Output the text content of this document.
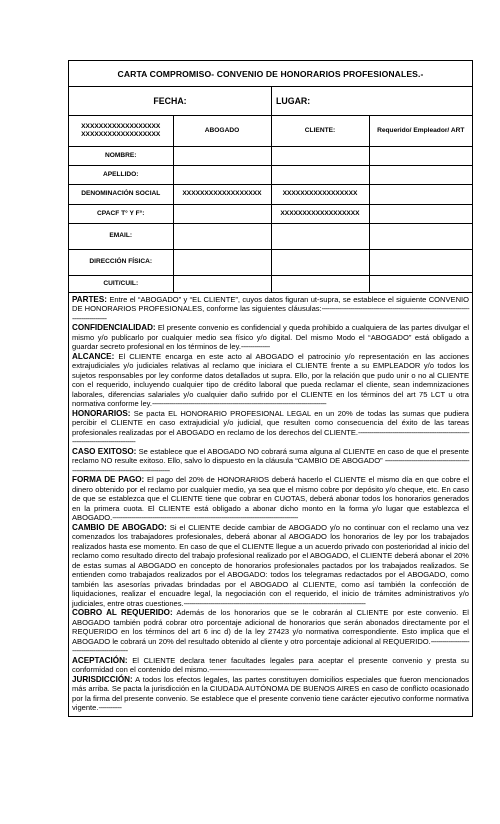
CARTA COMPROMISO- CONVENIO DE HONORARIOS PROFESIONALES.-
FECHA:	LUGAR:
XXXXXXXXXXXXXXXXXX XXXXXXXXXXXXXXXXXX	ABOGADO	CLIENTE:	Requerido/ Empleador/ ART
NOMBRE:			
APELLIDO:			
DENOMINACIÓN SOCIAL	XXXXXXXXXXXXXXXXXX	XXXXXXXXXXXXXXXXX	
CPACF T° Y F°:		XXXXXXXXXXXXXXXXXX	
EMAIL:			
DIRECCIÓN FÍSICA:			
CUIT/CUIL:			

PARTES: Entre el “ABOGADO” y “EL CLIENTE”, cuyos datos figuran ut-supra, se establece el siguiente CONVENIO DE HONORARIOS PROFESIONALES, conforme las siguientes cláusulas:-----------------------------------------------------------------------------------------------

CONFIDENCIALIDAD: El presente convenio es confidencial y queda prohibido a cualquiera de las partes divulgar el mismo y/o publicarlo por cualquier medio sea físico y/o digital. Del mismo Modo el “ABOGADO” está obligado a guardar secreto profesional en los términos de ley.---------------

ALCANCE: El CLIENTE encarga en este acto al ABOGADO el patrocinio y/o representación en las acciones extrajudiciales y/o judiciales relativas al reclamo que iniciara el CLIENTE frente a su EMPLEADOR y/o todos los sujetos responsables por ley conforme datos detallados ut supra. Ello, por la relación que pudo unir o no al CLIENTE con el requerido, incluyendo cualquier tipo de crédito laboral que pueda reclamar el cliente, sean indemnizaciones laborales, diferencias salariales y/o cualquier daño sufrido por el CLIENTE en los términos del art 75 LCT u otra normativa conforme ley.-------------------------------------------------------------------------------------------

HONORARIOS: Se pacta EL HONORARIO PROFESIONAL LEGAL en un 20% de todas las sumas que pudiera percibir el CLIENTE en caso extrajudicial y/o judicial, que resulten como consecuencia del éxito de las tareas profesionales realizadas por el ABOGADO en reclamo de los derechos del CLIENTE.-------------------------------------------------------------------------------------------

CASO EXITOSO: Se establece que el ABOGADO NO cobrará suma alguna al CLIENTE en caso de que el presente reclamo NO resulte exitoso. Ello, salvo lo dispuesto en la cláusula “CAMBIO DE ABOGADO” -----------------------------------------------------------------------------------------------

FORMA DE PAGO: El pago del 20% de HONORARIOS deberá hacerlo el CLIENTE el mismo día en que cobre el dinero obtenido por el reclamo por cualquier medio, ya sea que el mismo cobre por depósito y/o cheque, etc. En caso de que se establezca que el CLIENTE tiene que cobrar en CUOTAS, deberá abonar todos los honorarios generados en la primera cuota. El CLIENTE está obligado a abonar dicho monto en la forma y/o lugar que establezca el ABOGADO.-------------------------------------------------------------------------------------------------

CAMBIO DE ABOGADO: Si el CLIENTE decide cambiar de ABOGADO y/o no continuar con el reclamo una vez comenzados los trabajadores profesionales, deberá abonar al ABOGADO los honorarios de ley por los trabajados realizados hasta ese momento. En caso de que el CLIENTE llegue a un acuerdo privado con posterioridad al inicio del reclamo como resultado directo del trabajo profesional realizado por el ABOGADO, el CLIENTE deberá abonar el 20% de estas sumas al ABOGADO en concepto de honorarios profesionales pactados por los trabajados realizados. Se entienden como trabajados realizados por el ABOGADO: todos los telegramas redactados por el ABOGADO, como también las asesorías privadas brindadas por el ABOGADO al CLIENTE, como así también la confección de liquidaciones, realizar el encuadre legal, la negociación con el requerido, el inicio de trámites administrativos y/o judiciales, entre otras cuestiones.-----------------------------------------------------------------------------------------------

COBRO AL REQUERIDO: Además de los honorarios que se le cobrarán al CLIENTE por este convenio. El ABOGADO también podrá cobrar otro porcentaje adicional de honorarios que serán abonados directamente por el REQUERIDO en los términos del art 6 inc d) de la ley 27423 y/o normativa correspondiente. Esto implica que el ABOGADO le cobrará un 20% del resultado obtenido al cliente y otro porcentaje adicional al REQUERIDO.-------------------------------------------------

ACEPTACIÓN: El CLIENTE declara tener facultades legales para aceptar el presente convenio y presta su conformidad con el contenido del mismo.---------------------------------------------------------

JURISDICCIÓN: A todos los efectos legales, las partes constituyen domicilios especiales que fueron mencionados más arriba. Se pacta la jurisdicción en la CIUDADA AUTÓNOMA DE BUENOS AIRES en caso de conflicto ocasionado por la firma del presente convenio. Se establece que el presente convenio tiene carácter ejecutivo conforme normativa vigente.------------
